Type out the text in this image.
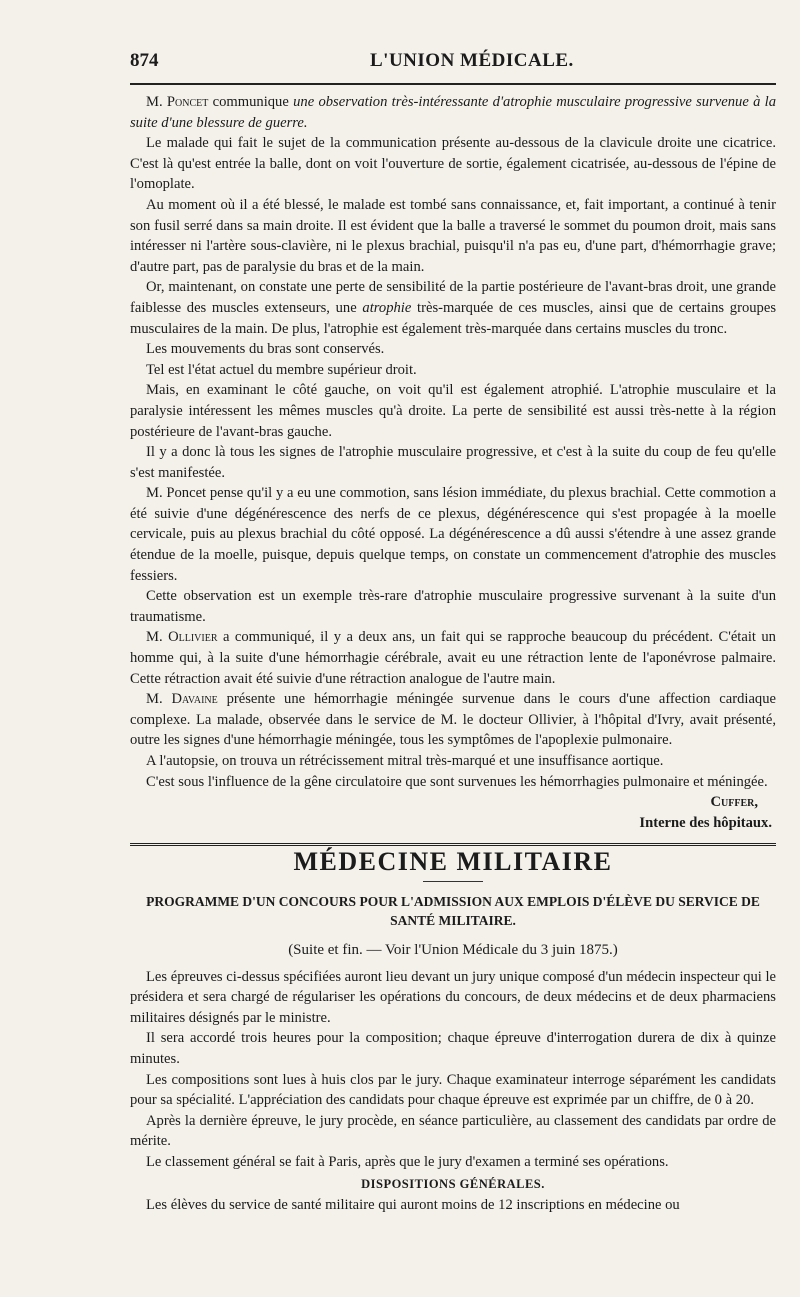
874	L'UNION MÉDICALE.

M. Poncet communique une observation très-intéressante d'atrophie musculaire progressive survenue à la suite d'une blessure de guerre.

Le malade qui fait le sujet de la communication présente au-dessous de la clavicule droite une cicatrice. C'est là qu'est entrée la balle, dont on voit l'ouverture de sortie, également cicatrisée, au-dessous de l'épine de l'omoplate.

Au moment où il a été blessé, le malade est tombé sans connaissance, et, fait important, a continué à tenir son fusil serré dans sa main droite. Il est évident que la balle a traversé le sommet du poumon droit, mais sans intéresser ni l'artère sous-clavière, ni le plexus brachial, puisqu'il n'a pas eu, d'une part, d'hémorrhagie grave; d'autre part, pas de paralysie du bras et de la main.

Or, maintenant, on constate une perte de sensibilité de la partie postérieure de l'avant-bras droit, une grande faiblesse des muscles extenseurs, une atrophie très-marquée de ces muscles, ainsi que de certains groupes musculaires de la main. De plus, l'atrophie est également très-marquée dans certains muscles du tronc.

Les mouvements du bras sont conservés.

Tel est l'état actuel du membre supérieur droit.

Mais, en examinant le côté gauche, on voit qu'il est également atrophié. L'atrophie musculaire et la paralysie intéressent les mêmes muscles qu'à droite. La perte de sensibilité est aussi très-nette à la région postérieure de l'avant-bras gauche.

Il y a donc là tous les signes de l'atrophie musculaire progressive, et c'est à la suite du coup de feu qu'elle s'est manifestée.

M. Poncet pense qu'il y a eu une commotion, sans lésion immédiate, du plexus brachial. Cette commotion a été suivie d'une dégénérescence des nerfs de ce plexus, dégénérescence qui s'est propagée à la moelle cervicale, puis au plexus brachial du côté opposé. La dégénérescence a dû aussi s'étendre à une assez grande étendue de la moelle, puisque, depuis quelque temps, on constate un commencement d'atrophie des muscles fessiers.

Cette observation est un exemple très-rare d'atrophie musculaire progressive survenant à la suite d'un traumatisme.

M. Ollivier a communiqué, il y a deux ans, un fait qui se rapproche beaucoup du précédent. C'était un homme qui, à la suite d'une hémorrhagie cérébrale, avait eu une rétraction lente de l'aponévrose palmaire. Cette rétraction avait été suivie d'une rétraction analogue de l'autre main.

M. Davaine présente une hémorrhagie méningée survenue dans le cours d'une affection cardiaque complexe. La malade, observée dans le service de M. le docteur Ollivier, à l'hôpital d'Ivry, avait présenté, outre les signes d'une hémorrhagie méningée, tous les symptômes de l'apoplexie pulmonaire.

A l'autopsie, on trouva un rétrécissement mitral très-marqué et une insuffisance aortique.

C'est sous l'influence de la gêne circulatoire que sont survenues les hémorrhagies pulmonaire et méningée.

Cuffer,
Interne des hôpitaux.
MÉDECINE MILITAIRE
PROGRAMME D'UN CONCOURS POUR L'ADMISSION AUX EMPLOIS D'ÉLÈVE DU SERVICE DE SANTÉ MILITAIRE.
(Suite et fin. — Voir l'Union Médicale du 3 juin 1875.)

Les épreuves ci-dessus spécifiées auront lieu devant un jury unique composé d'un médecin inspecteur qui le présidera et sera chargé de régulariser les opérations du concours, de deux médecins et de deux pharmaciens militaires désignés par le ministre.

Il sera accordé trois heures pour la composition; chaque épreuve d'interrogation durera de dix à quinze minutes.

Les compositions sont lues à huis clos par le jury. Chaque examinateur interroge séparément les candidats pour sa spécialité. L'appréciation des candidats pour chaque épreuve est exprimée par un chiffre, de 0 à 20.

Après la dernière épreuve, le jury procède, en séance particulière, au classement des candidats par ordre de mérite.

Le classement général se fait à Paris, après que le jury d'examen a terminé ses opérations.

DISPOSITIONS GÉNÉRALES.

Les élèves du service de santé militaire qui auront moins de 12 inscriptions en médecine ou
